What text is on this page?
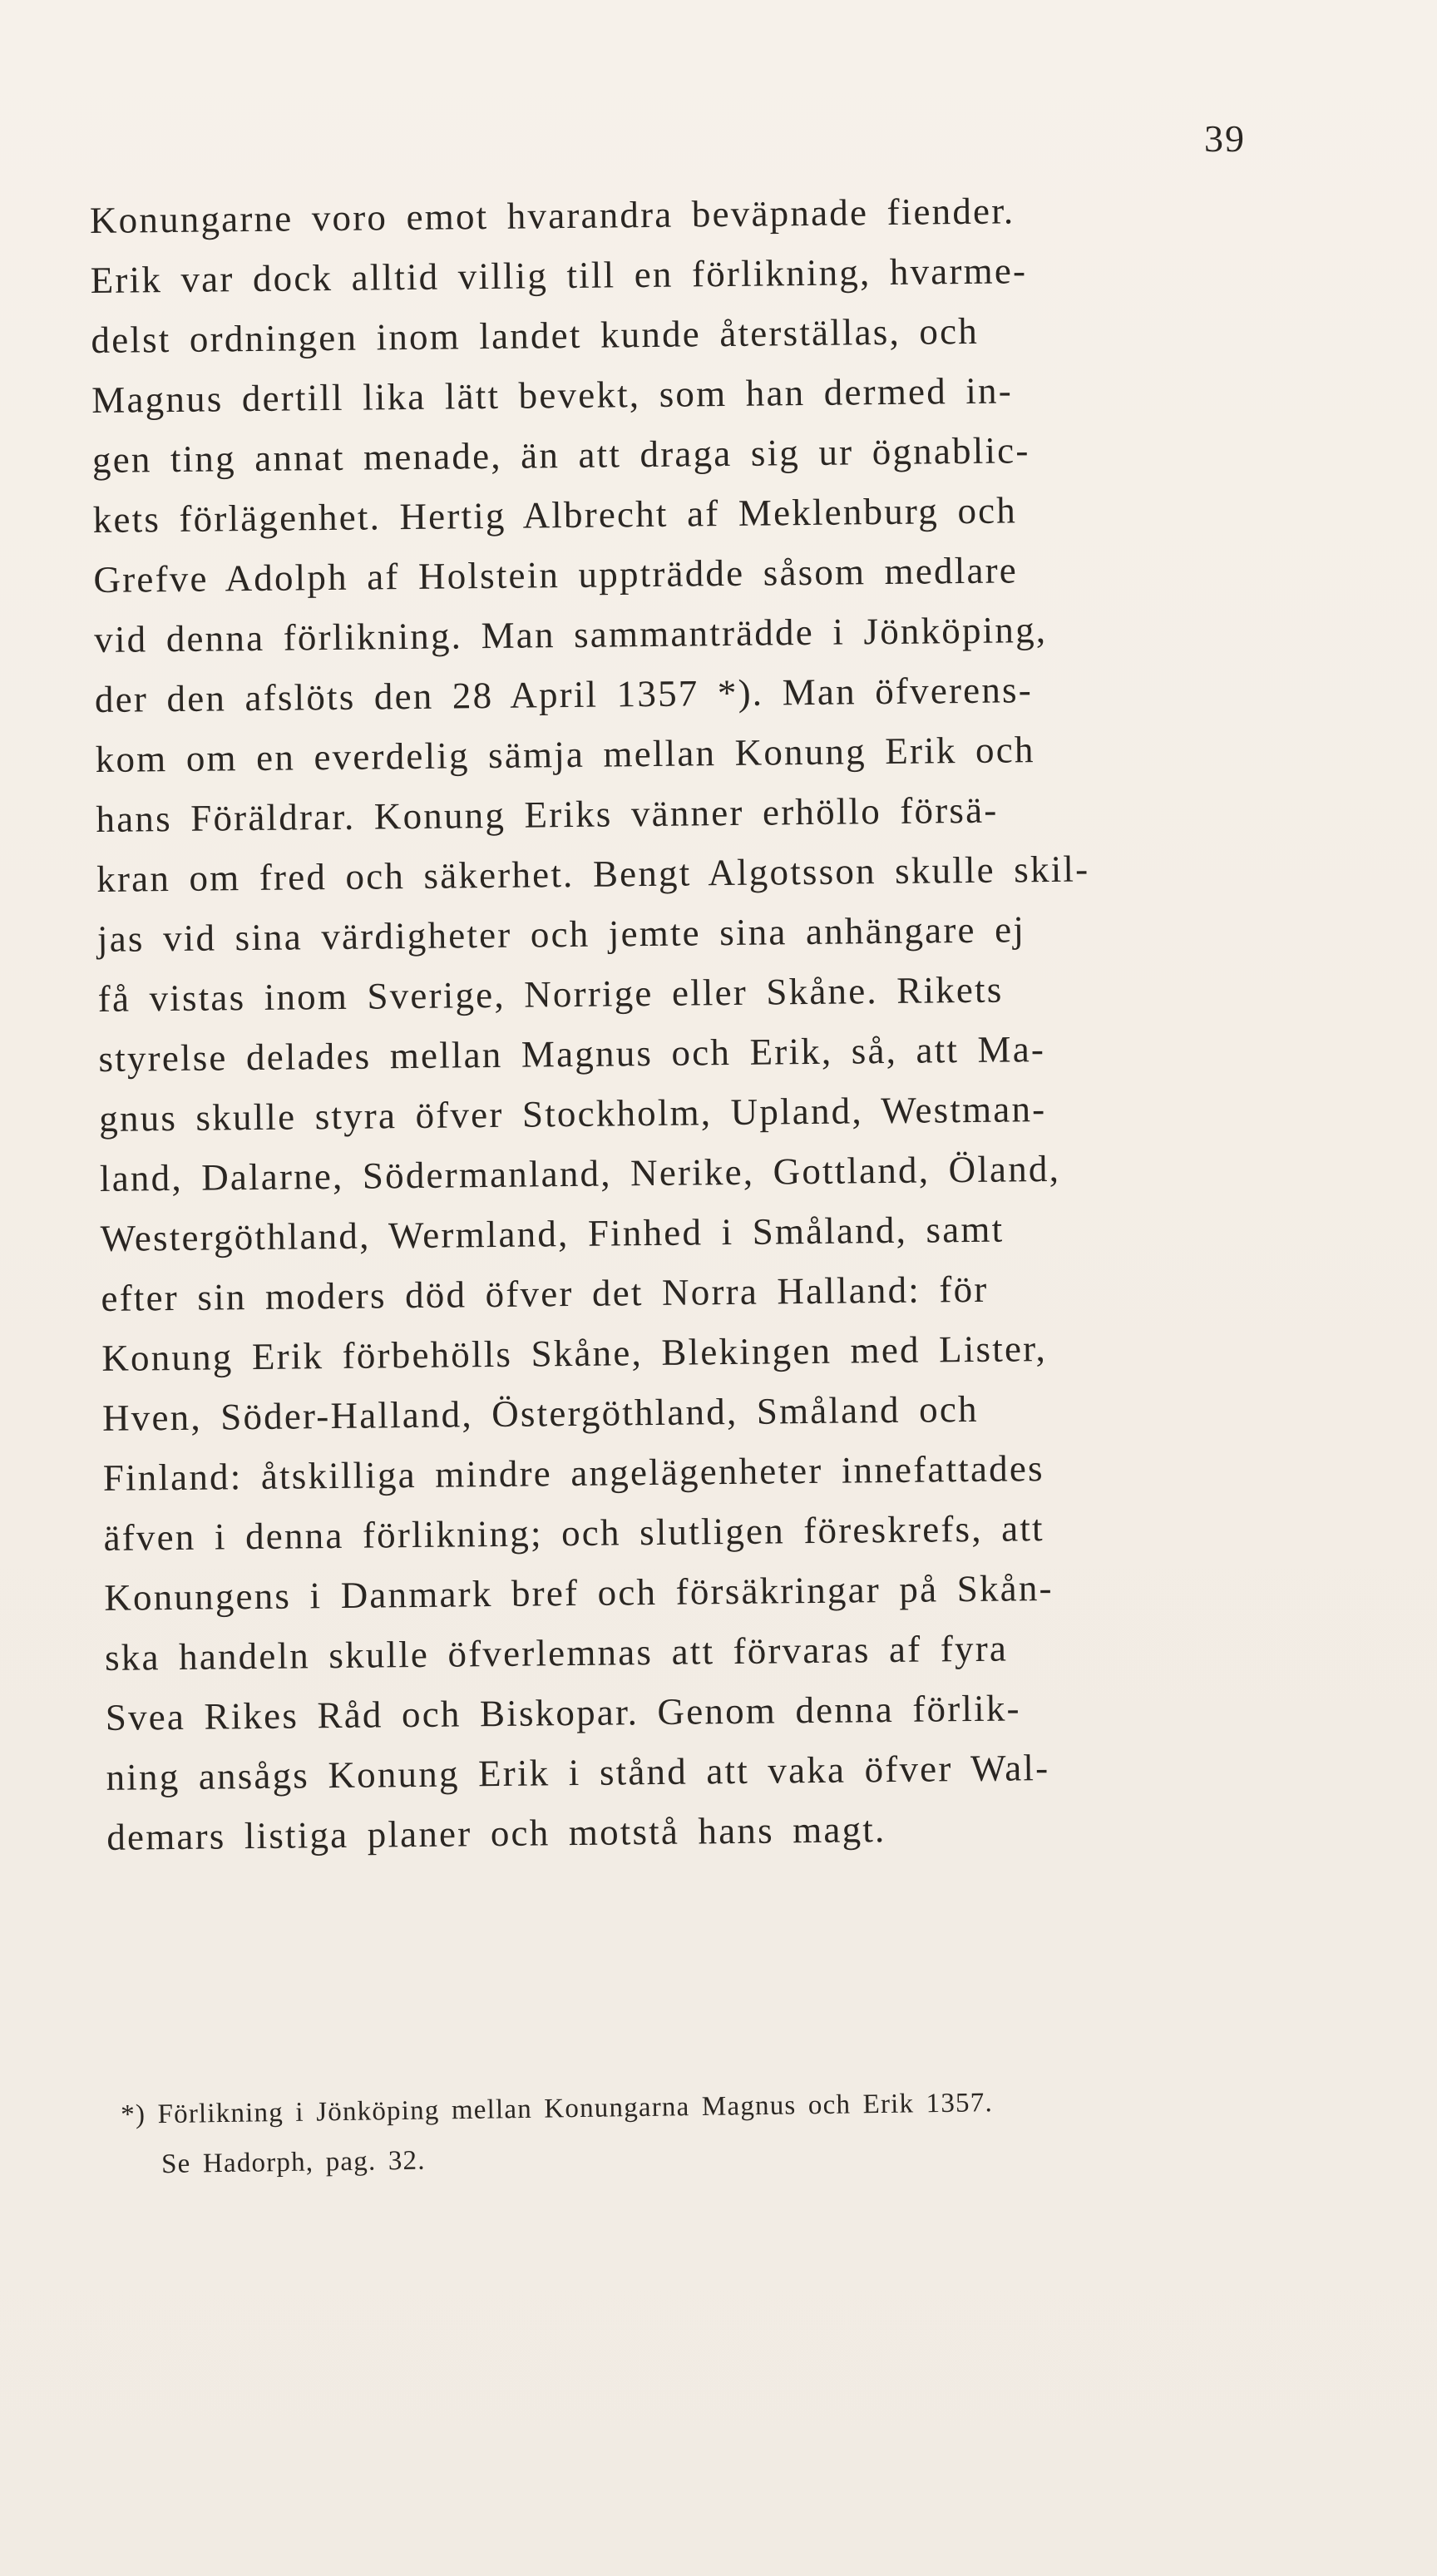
39
Konungarne voro emot hvarandra beväpnade fiender.
Erik var dock alltid villig till en förlikning, hvarme-
delst ordningen inom landet kunde återställas, och
Magnus dertill lika lätt bevekt, som han dermed in-
gen ting annat menade, än att draga sig ur ögnablic-
kets förlägenhet. Hertig Albrecht af Meklenburg och
Grefve Adolph af Holstein uppträdde såsom medlare
vid denna förlikning. Man sammanträdde i Jönköping,
der den afslöts den 28 April 1357 *). Man öfverens-
kom om en everdelig sämja mellan Konung Erik och
hans Föräldrar. Konung Eriks vänner erhöllo försä-
kran om fred och säkerhet. Bengt Algotsson skulle skil-
jas vid sina värdigheter och jemte sina anhängare ej
få vistas inom Sverige, Norrige eller Skåne. Rikets
styrelse delades mellan Magnus och Erik, så, att Ma-
gnus skulle styra öfver Stockholm, Upland, Westman-
land, Dalarne, Södermanland, Nerike, Gottland, Öland,
Westergöthland, Wermland, Finhed i Småland, samt
efter sin moders död öfver det Norra Halland: för
Konung Erik förbehölls Skåne, Blekingen med Lister,
Hven, Söder-Halland, Östergöthland, Småland och
Finland: åtskilliga mindre angelägenheter innefattades
äfven i denna förlikning; och slutligen föreskrefs, att
Konungens i Danmark bref och försäkringar på Skån-
ska handeln skulle öfverlemnas att förvaras af fyra
Svea Rikes Råd och Biskopar. Genom denna förlik-
ning ansågs Konung Erik i stånd att vaka öfver Wal-
demars listiga planer och motstå hans magt.
*) Förlikning i Jönköping mellan Konungarna Magnus och Erik 1357.
Se Hadorph, pag. 32.
